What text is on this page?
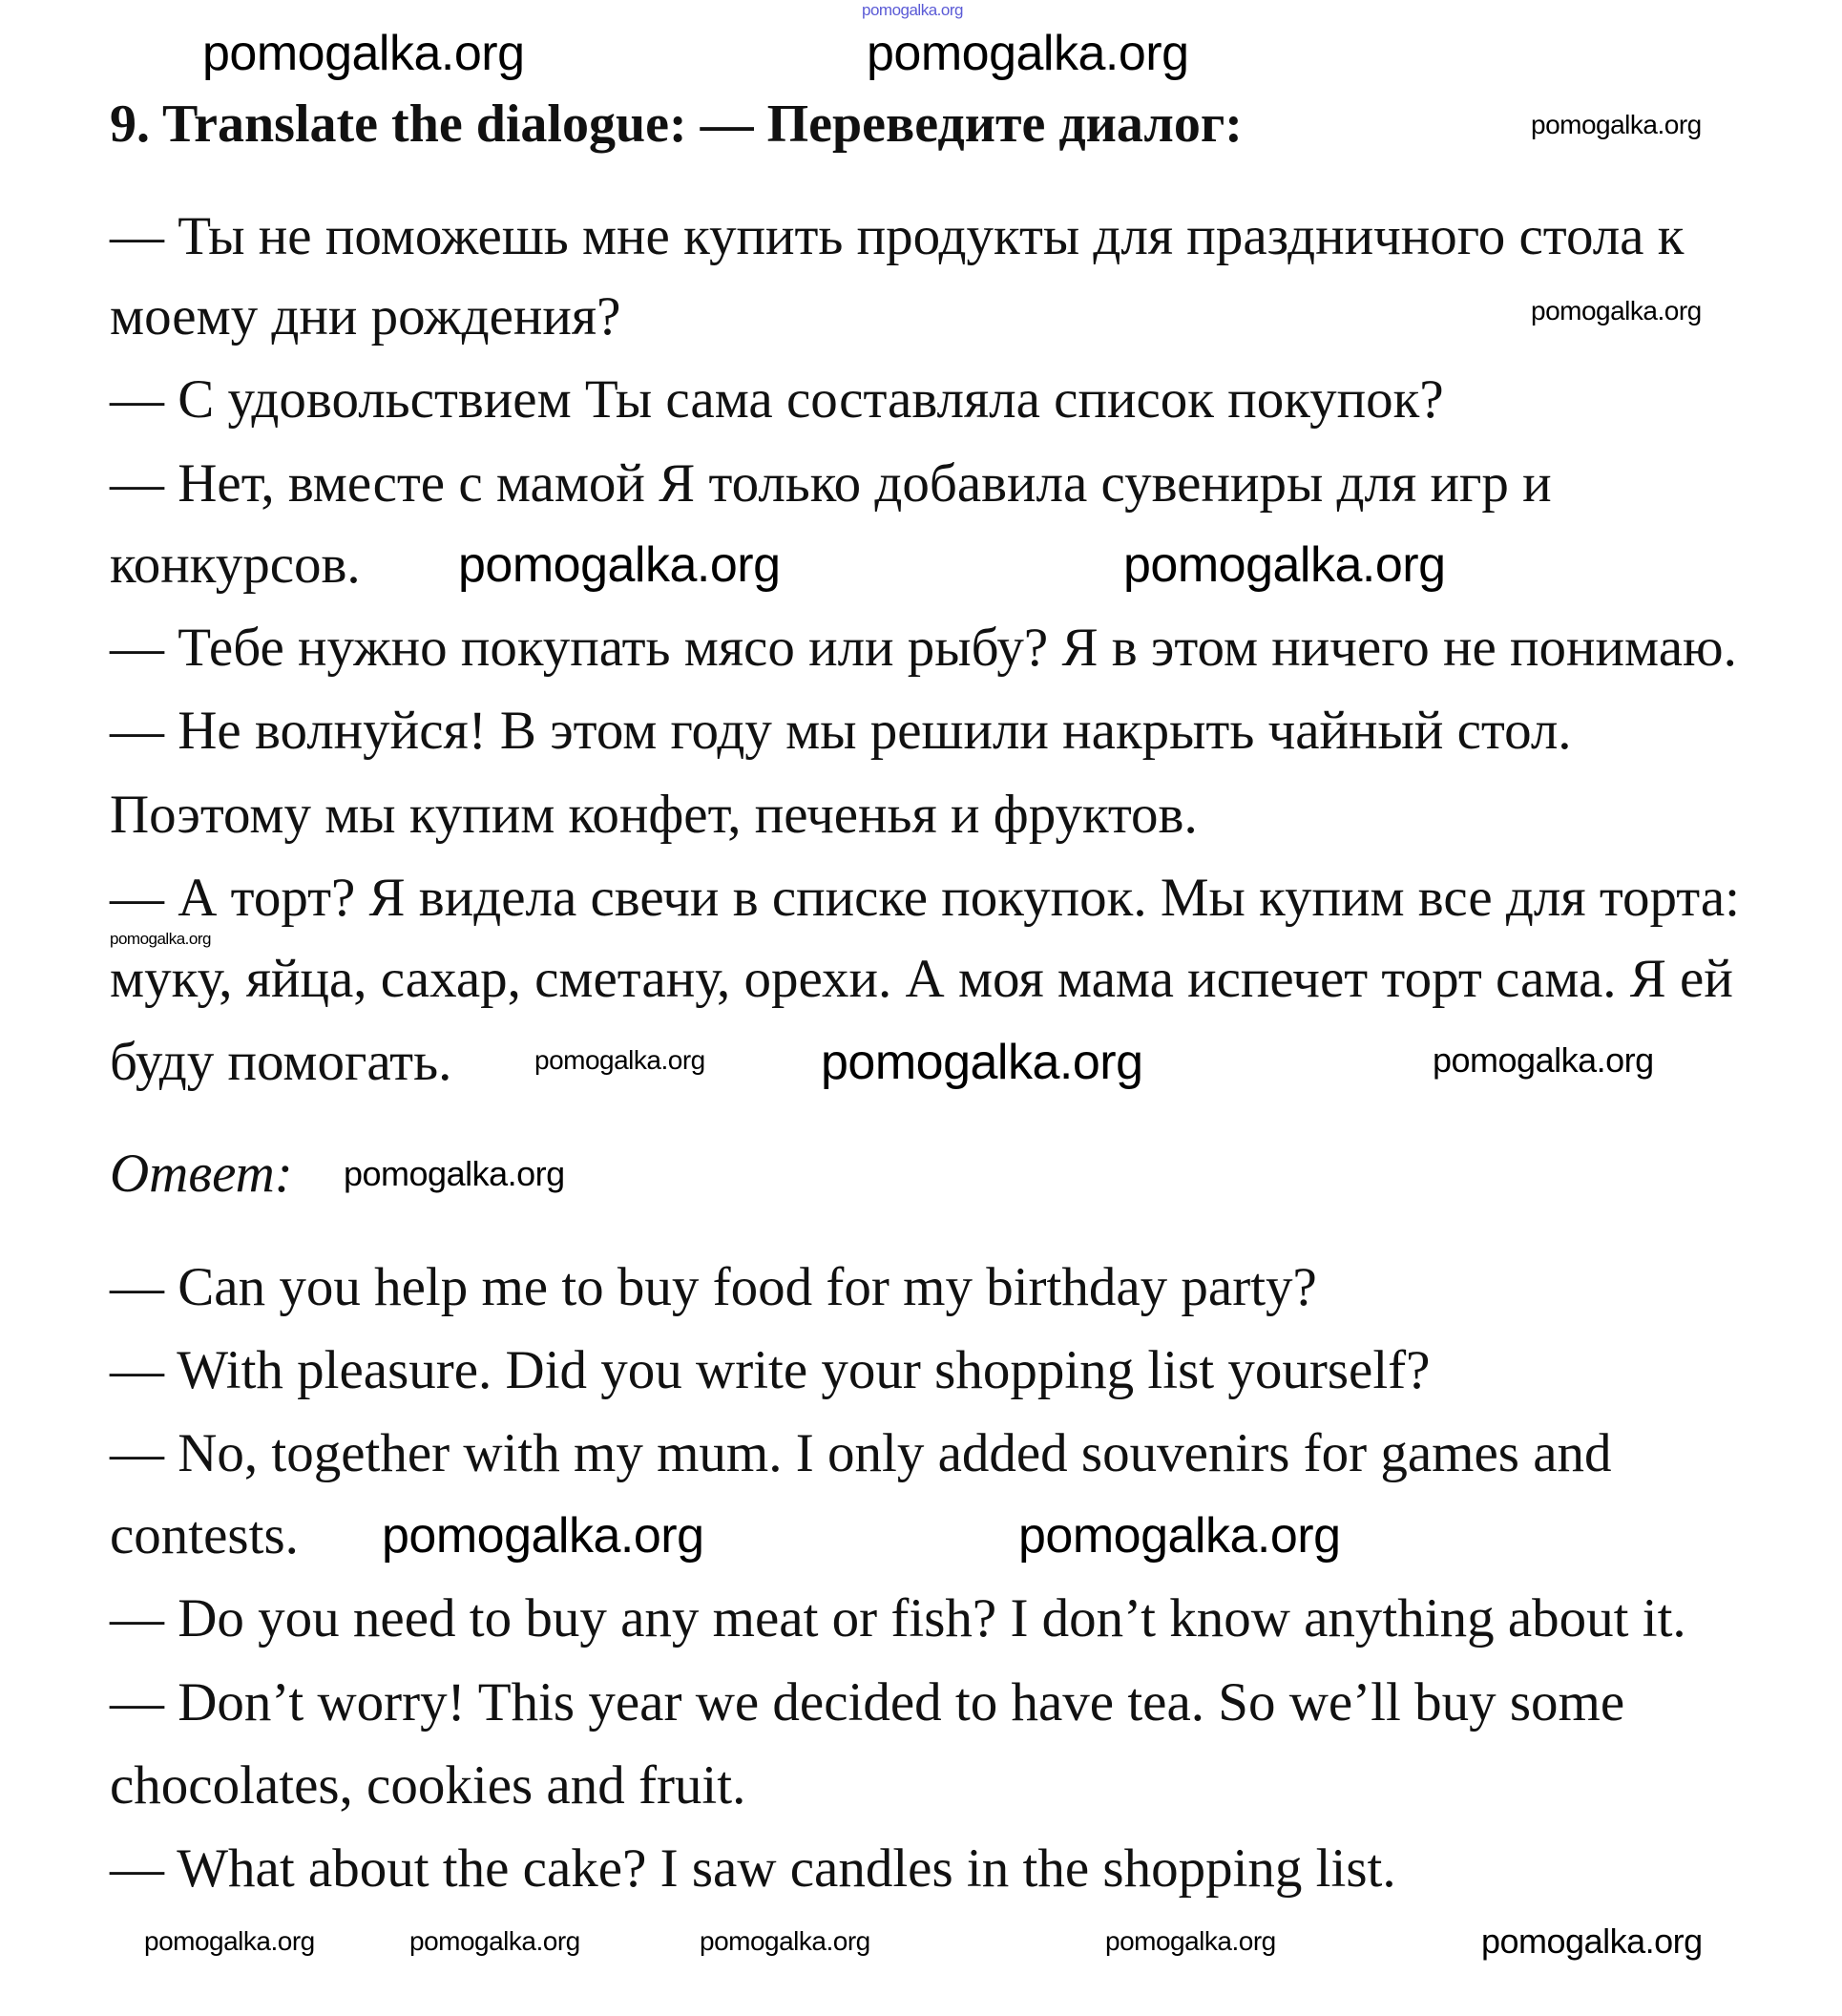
pomogalka.org
9. Translate the dialogue: — Переведите диалог:
— Ты не поможешь мне купить продукты для праздничного стола к
моему дни рождения?
— С удовольствием Ты сама составляла список покупок?
— Нет, вместе с мамой Я только добавила сувениры для игр и
конкурсов.
— Тебе нужно покупать мясо или рыбу? Я в этом ничего не понимаю.
— Не волнуйся! В этом году мы решили накрыть чайный стол.
Поэтому мы купим конфет, печенья и фруктов.
— А торт? Я видела свечи в списке покупок. Мы купим все для торта:
муку, яйца, сахар, сметану, орехи. А моя мама испечет торт сама. Я ей
буду помогать.
Ответ:
— Can you help me to buy food for my birthday party?
— With pleasure. Did you write your shopping list yourself?
— No, together with my mum. I only added souvenirs for games and
contests.
— Do you need to buy any meat or fish? I don’t know anything about it.
— Don’t worry! This year we decided to have tea. So we’ll buy some
chocolates, cookies and fruit.
— What about the cake? I saw candles in the shopping list.
pomogalka.org
pomogalka.org	pomogalka.org
pomogalka.org
pomogalka.org	pomogalka.org
pomogalka.org
pomogalka.org pomogalka.org	pomogalka.org
pomogalka.org
pomogalka.org	pomogalka.org
pomogalka.org	pomogalka.org	pomogalka.org	pomogalka.org	pomogalka.org
